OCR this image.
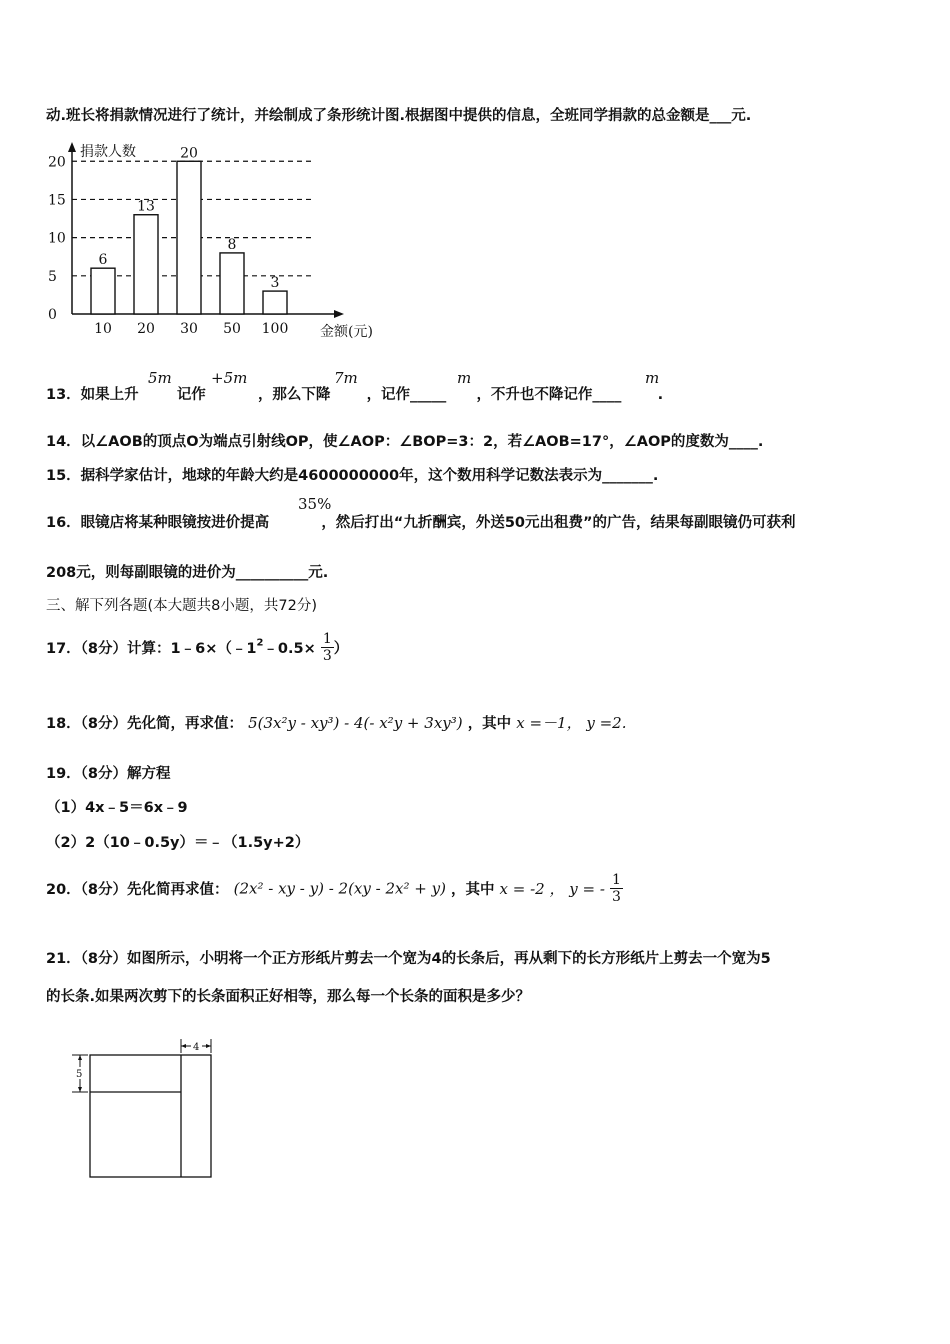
动.班长将捐款情况进行了统计，并绘制成了条形统计图.根据图中提供的信息，全班同学捐款的总金额是___元.
捐款人数
金额(元)
0
5
10
15
20
6
10
13
20
20
30
8
50
3
100
13．如果上升	记作	，那么下降 ，记作_____ ，不升也不降记作____ .
5m	+5m	7m	m	m
14．以∠AOB的顶点O为端点引射线OP，使∠AOP：∠BOP=3：2，若∠AOB=17°，∠AOP的度数为____.
15．据科学家估计，地球的年龄大约是4600000000年，这个数用科学记数法表示为_______.
16．眼镜店将某种眼镜按进价提高	，然后打出“九折酬宾，外送50元出租费”的广告，结果每副眼镜仍可获利
35%
208元，则每副眼镜的进价为__________元.
三、解下列各题(本大题共8小题，共72分)
17．（8分）计算：$1﹣6\times(﹣1^2﹣0.5\times \frac{1}{3}$ ）
18．（8分）先化简，再求值： 5(3x²y - xy³) - 4(- x²y + 3xy³) ，其中 x =－1， y =2.
19．（8分）解方程
（1）4x﹣5＝6x﹣9
（2）2（10﹣0.5y）＝﹣（1.5y+2）
20．（8分）先化简再求值： (2x² - xy - y) - 2(xy - 2x² + y) ，其中 x = -2 ， y = - $\frac{1}{3}$
21．（8分）如图所示，小明将一个正方形纸片剪去一个宽为4的长条后，再从剩下的长方形纸片上剪去一个宽为5
的长条.如果两次剪下的长条面积正好相等，那么每一个长条的面积是多少？
4
5
